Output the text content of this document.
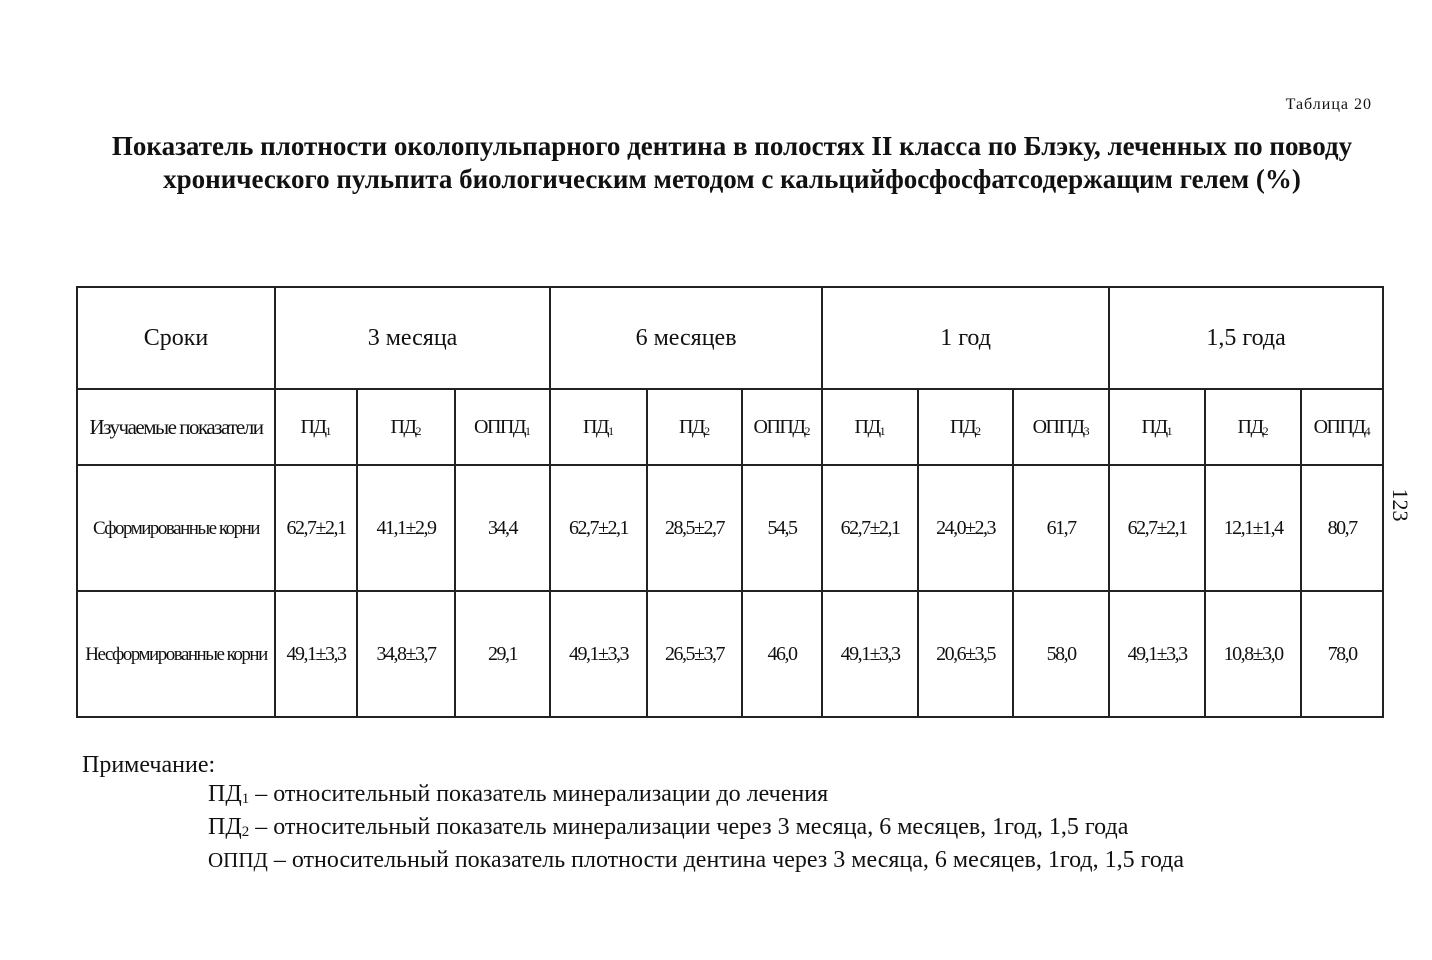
Таблица 20
Показатель плотности околопульпарного дентина в полостях II класса по Блэку, леченных по поводу хронического пульпита биологическим методом с кальцийфосфосфатсодержащим гелем (%)
Сроки	3 месяца			6 месяцев			1 год			1,5 года		
Изучаемые показатели	$ПД_1$	$ПД_2$	$ОППД_1$	$ПД_1$	$ПД_2$	$ОППД_2$	$ПД_1$	$ПД_2$	$ОППД_3$	$ПД_1$	$ПД_2$	$ОППД_4$
Сформированные корни	62,7±2,1	41,1±2,9	34,4	62,7±2,1	28,5±2,7	54,5	62,7±2,1	24,0±2,3	61,7	62,7±2,1	12,1±1,4	80,7
Несформированные корни	49,1±3,3	34,8±3,7	29,1	49,1±3,3	26,5±3,7	46,0	49,1±3,3	20,6±3,5	58,0	49,1±3,3	10,8±3,0	78,0
123
Примечание:
$ПД_1$ – относительный показатель минерализации до лечения
$ПД_2$ – относительный показатель минерализации через 3 месяца, 6 месяцев, 1год, 1,5 года
ОППД – относительный показатель плотности дентина через 3 месяца, 6 месяцев, 1год, 1,5 года
